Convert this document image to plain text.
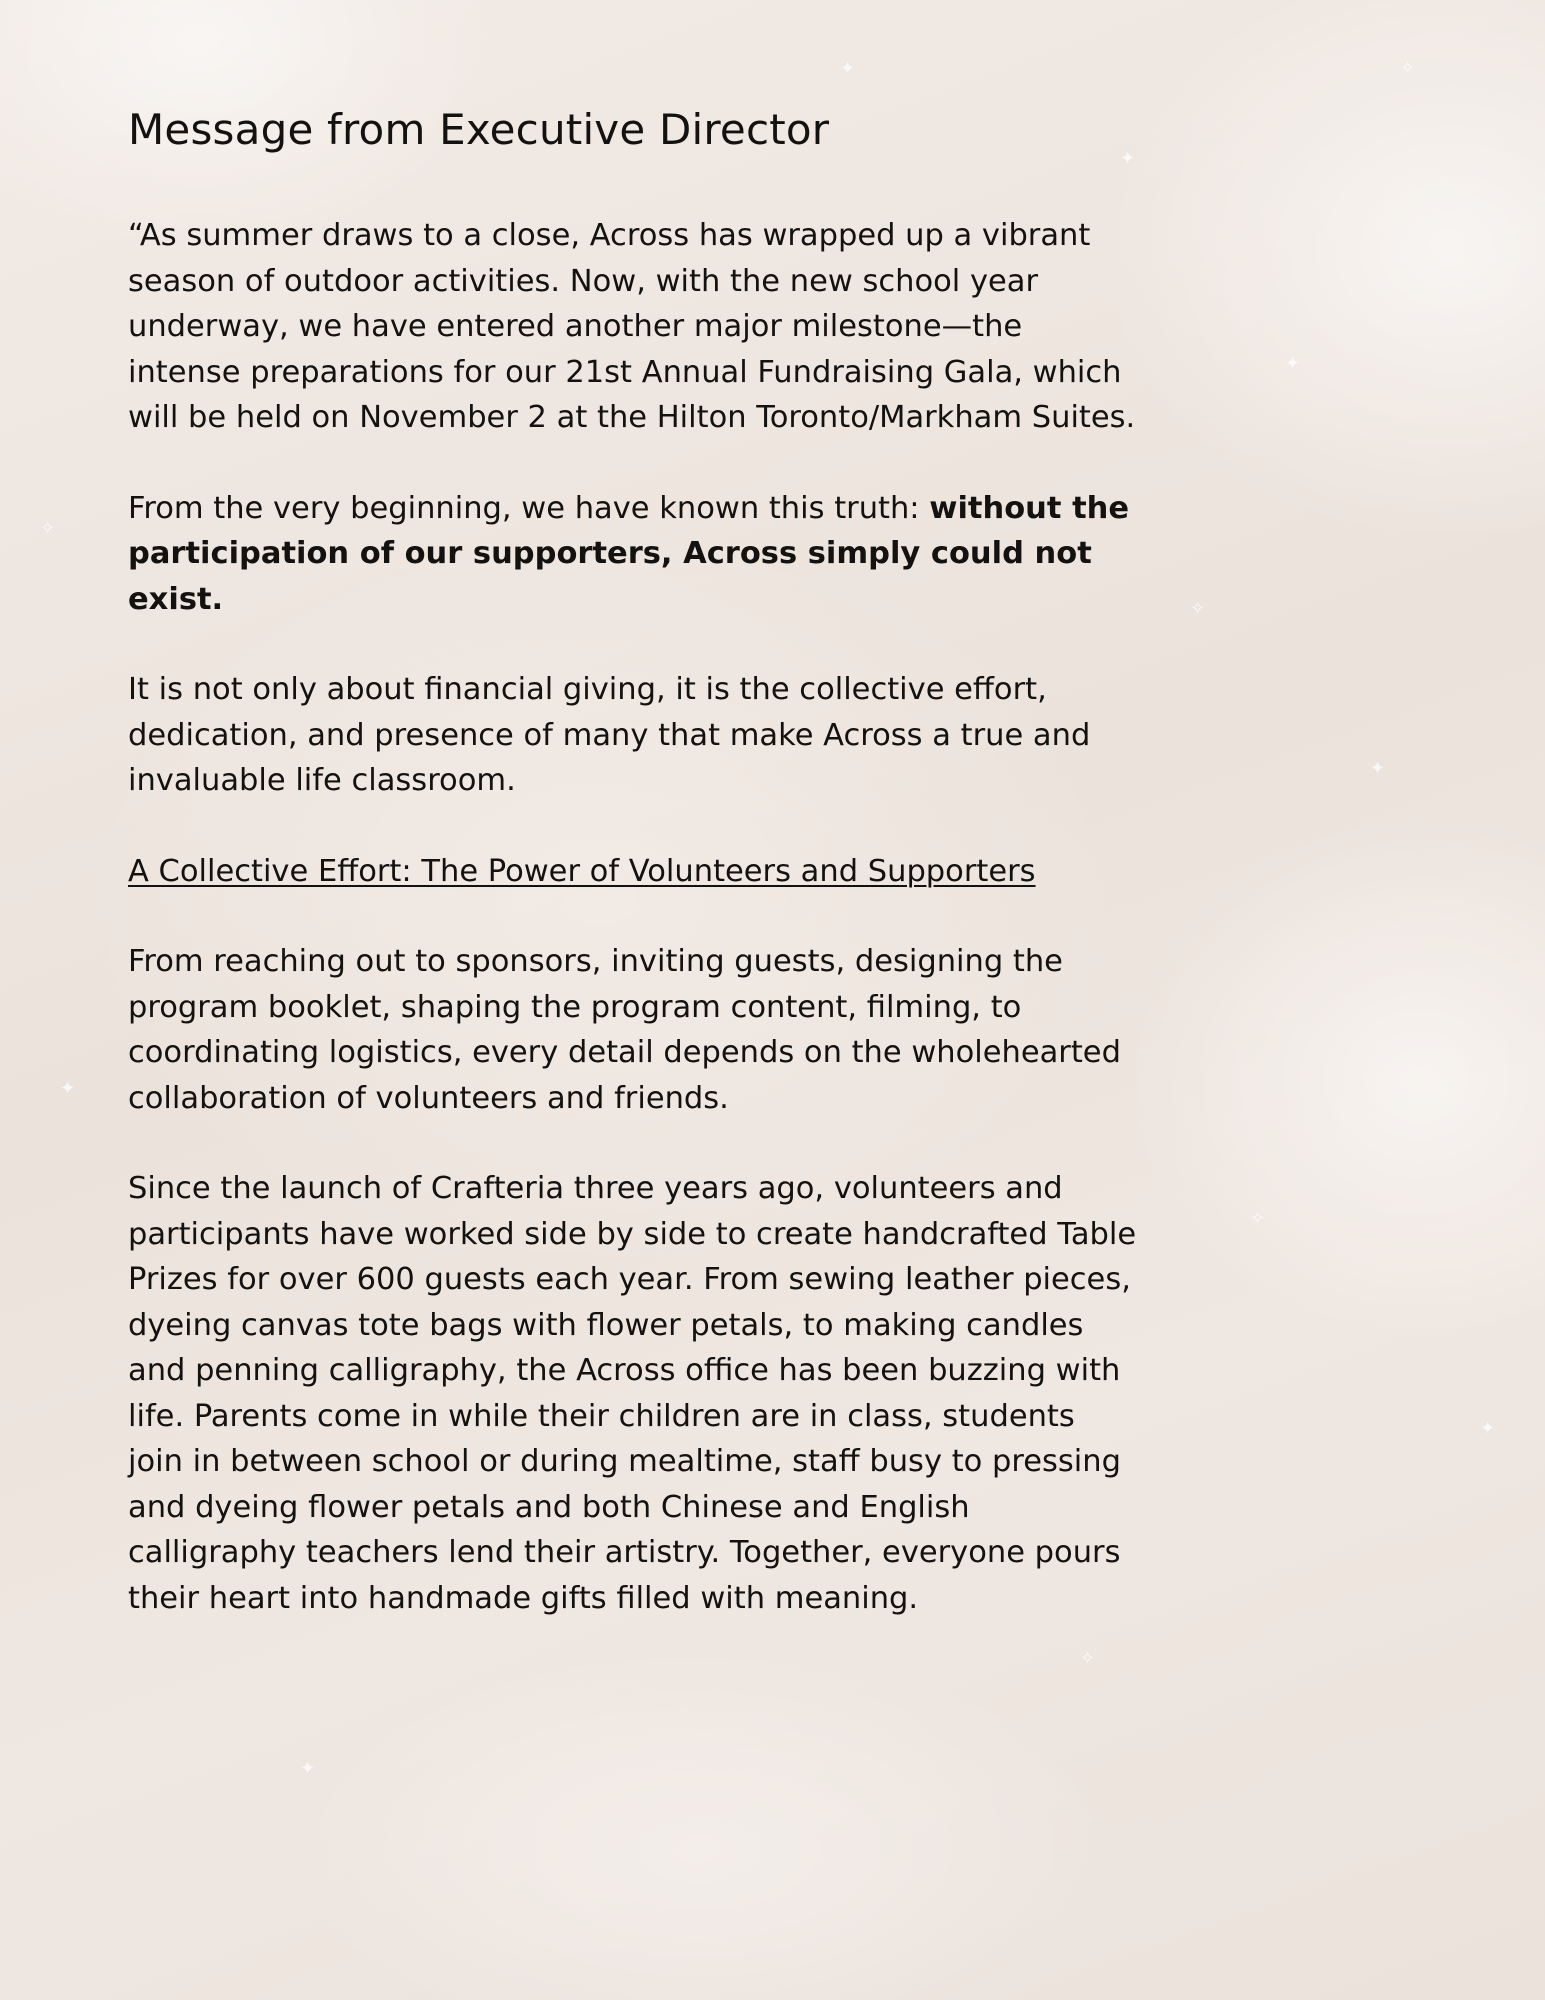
✦
✦
✧
✦
✧
✦
✧
✦
✧
✦
✧
✦
Message from Executive Director

“As summer draws to a close, Across has wrapped up a vibrant season of outdoor activities. Now, with the new school year underway, we have entered another major milestone—the intense preparations for our 21st Annual Fundraising Gala, which will be held on November 2 at the Hilton Toronto/Markham Suites.

From the very beginning, we have known this truth: without the participation of our supporters, Across simply could not exist.

It is not only about financial giving, it is the collective effort, dedication, and presence of many that make Across a true and invaluable life classroom.

A Collective Effort: The Power of Volunteers and Supporters

From reaching out to sponsors, inviting guests, designing the program booklet, shaping the program content, filming, to coordinating logistics, every detail depends on the wholehearted collaboration of volunteers and friends.

Since the launch of Crafteria three years ago, volunteers and participants have worked side by side to create handcrafted Table Prizes for over 600 guests each year. From sewing leather pieces, dyeing canvas tote bags with flower petals, to making candles and penning calligraphy, the Across office has been buzzing with life. Parents come in while their children are in class, students join in between school or during mealtime, staff busy to pressing and dyeing flower petals and both Chinese and English calligraphy teachers lend their artistry. Together, everyone pours their heart into handmade gifts filled with meaning.
